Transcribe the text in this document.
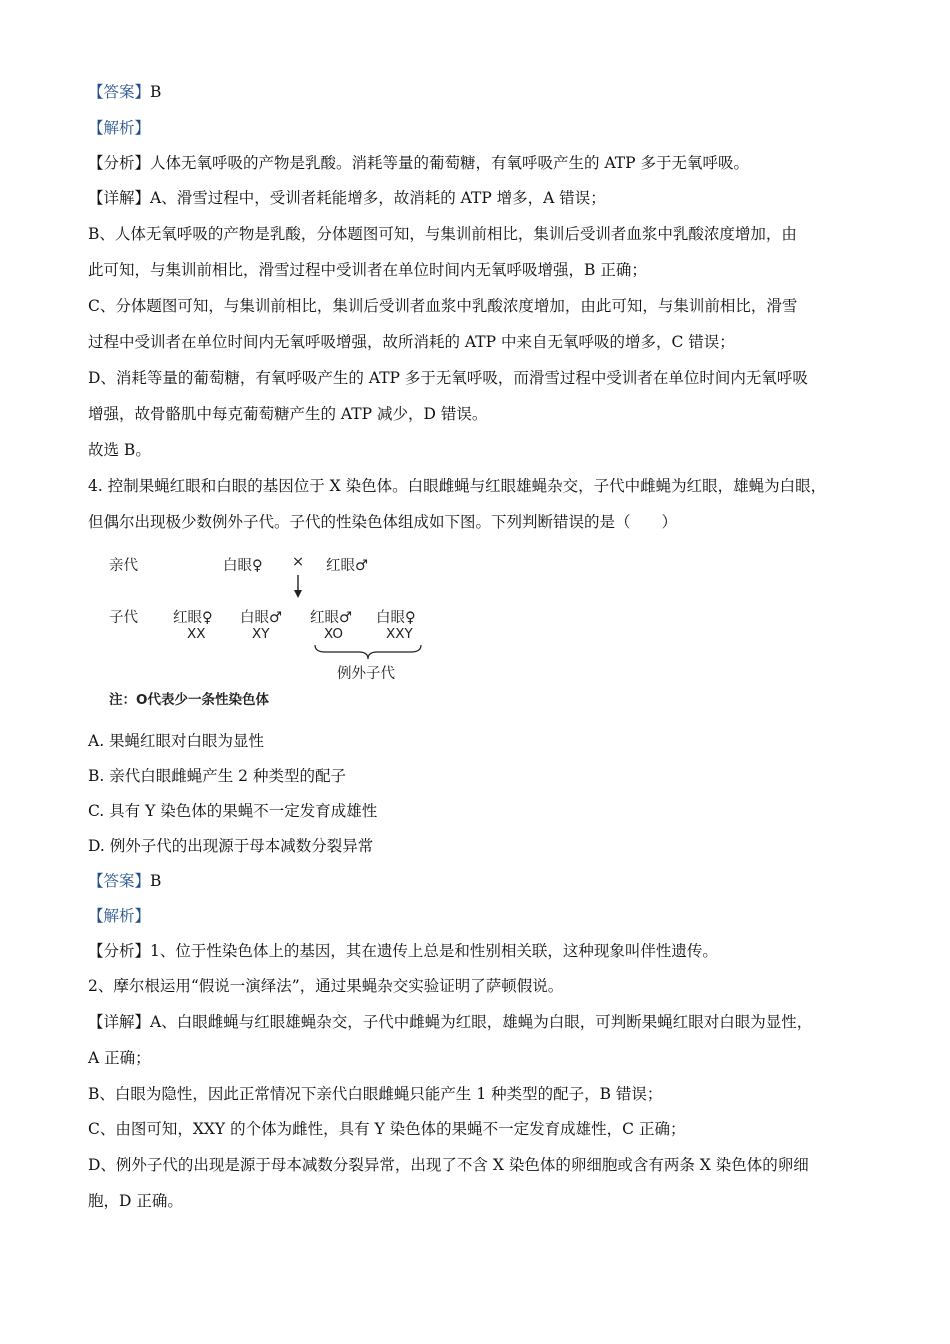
【答案】B
【解析】
【分析】人体无氧呼吸的产物是乳酸。消耗等量的葡萄糖，有氧呼吸产生的 ATP 多于无氧呼吸。
【详解】A、滑雪过程中，受训者耗能增多，故消耗的 ATP 增多，A 错误；
B、人体无氧呼吸的产物是乳酸，分体题图可知，与集训前相比，集训后受训者血浆中乳酸浓度增加，由
此可知，与集训前相比，滑雪过程中受训者在单位时间内无氧呼吸增强，B 正确；
C、分体题图可知，与集训前相比，集训后受训者血浆中乳酸浓度增加，由此可知，与集训前相比，滑雪
过程中受训者在单位时间内无氧呼吸增强，故所消耗的 ATP 中来自无氧呼吸的增多，C 错误；
D、消耗等量的葡萄糖，有氧呼吸产生的 ATP 多于无氧呼吸，而滑雪过程中受训者在单位时间内无氧呼吸
增强，故骨骼肌中每克葡萄糖产生的 ATP 减少，D 错误。
故选 B。
4. 控制果蝇红眼和白眼的基因位于 X 染色体。白眼雌蝇与红眼雄蝇杂交，子代中雌蝇为红眼，雄蝇为白眼，
但偶尔出现极少数例外子代。子代的性染色体组成如下图。下列判断错误的是（　　）
亲代	白眼♀ × 红眼♂
子代 红眼♀
XX
白眼♂
XY
红眼♂
XO
白眼♀
XXY
例外子代
注：O代表少一条性染色体
A. 果蝇红眼对白眼为显性
B. 亲代白眼雌蝇产生 2 种类型的配子
C. 具有 Y 染色体的果蝇不一定发育成雄性
D. 例外子代的出现源于母本减数分裂异常
【答案】B
【解析】
【分析】1、位于性染色体上的基因，其在遗传上总是和性别相关联，这种现象叫伴性遗传。
2、摩尔根运用“假说一演绎法”，通过果蝇杂交实验证明了萨顿假说。
【详解】A、白眼雌蝇与红眼雄蝇杂交，子代中雌蝇为红眼，雄蝇为白眼，可判断果蝇红眼对白眼为显性，
A 正确；
B、白眼为隐性，因此正常情况下亲代白眼雌蝇只能产生 1 种类型的配子，B 错误；
C、由图可知，XXY 的个体为雌性，具有 Y 染色体的果蝇不一定发育成雄性，C 正确；
D、例外子代的出现是源于母本减数分裂异常，出现了不含 X 染色体的卵细胞或含有两条 X 染色体的卵细
胞，D 正确。
